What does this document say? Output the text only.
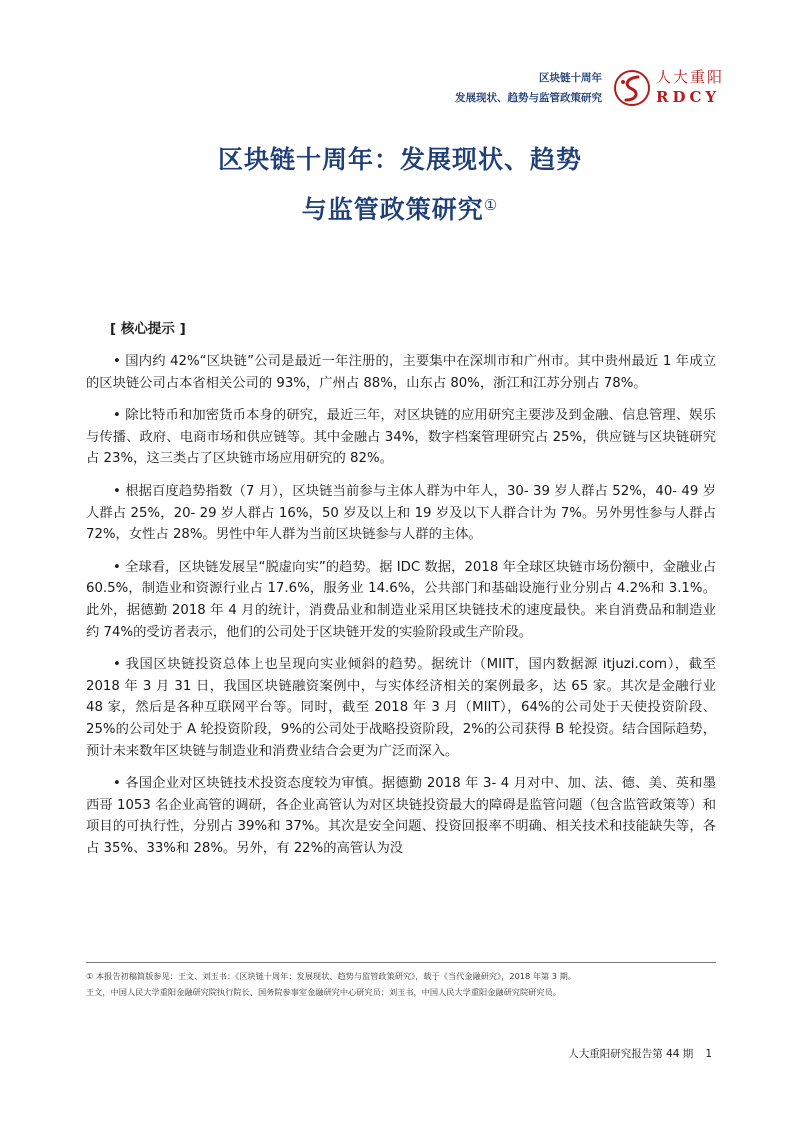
区块链十周年
发展现状、趋势与监管政策研究
人大重阳
RDCY
区块链十周年：发展现状、趋势
与监管政策研究①
[ 核心提示 ]

• 国内约 42%“区块链”公司是最近一年注册的，主要集中在深圳市和广州市。其中贵州最近 1 年成立的区块链公司占本省相关公司的 93%，广州占 88%，山东占 80%，浙江和江苏分别占 78%。

• 除比特币和加密货币本身的研究，最近三年，对区块链的应用研究主要涉及到金融、信息管理、娱乐与传播、政府、电商市场和供应链等。其中金融占 34%，数字档案管理研究占 25%，供应链与区块链研究占 23%，这三类占了区块链市场应用研究的 82%。

• 根据百度趋势指数（7 月），区块链当前参与主体人群为中年人，30- 39 岁人群占 52%，40- 49 岁人群占 25%，20- 29 岁人群占 16%，50 岁及以上和 19 岁及以下人群合计为 7%。另外男性参与人群占 72%，女性占 28%。男性中年人群为当前区块链参与人群的主体。

• 全球看，区块链发展呈“脱虚向实”的趋势。据 IDC 数据，2018 年全球区块链市场份额中，金融业占 60.5%，制造业和资源行业占 17.6%，服务业 14.6%，公共部门和基础设施行业分别占 4.2%和 3.1%。此外，据德勤 2018 年 4 月的统计，消费品业和制造业采用区块链技术的速度最快。来自消费品和制造业约 74%的受访者表示，他们的公司处于区块链开发的实验阶段或生产阶段。

• 我国区块链投资总体上也呈现向实业倾斜的趋势。据统计（MIIT，国内数据源 itjuzi.com），截至 2018 年 3 月 31 日，我国区块链融资案例中，与实体经济相关的案例最多，达 65 家。其次是金融行业 48 家，然后是各种互联网平台等。同时，截至 2018 年 3 月（MIIT），64%的公司处于天使投资阶段、25%的公司处于 A 轮投资阶段，9%的公司处于战略投资阶段，2%的公司获得 B 轮投资。结合国际趋势，预计未来数年区块链与制造业和消费业结合会更为广泛而深入。

• 各国企业对区块链技术投资态度较为审慎。据德勤 2018 年 3- 4 月对中、加、法、德、美、英和墨西哥 1053 名企业高管的调研，各企业高管认为对区块链投资最大的障碍是监管问题（包含监管政策等）和项目的可执行性，分别占 39%和 37%。其次是安全问题、投资回报率不明确、相关技术和技能缺失等，各占 35%、33%和 28%。另外，有 22%的高管认为没

① 本报告初稿简版参见：王文、刘玉书：《区块链十周年：发展现状、趋势与监管政策研究》，载于《当代金融研究》，2018 年第 3 期。
王文，中国人民大学重阳金融研究院执行院长、国务院参事室金融研究中心研究员；刘玉书，中国人民大学重阳金融研究院研究员。
人大重阳研究报告第 44 期 1
